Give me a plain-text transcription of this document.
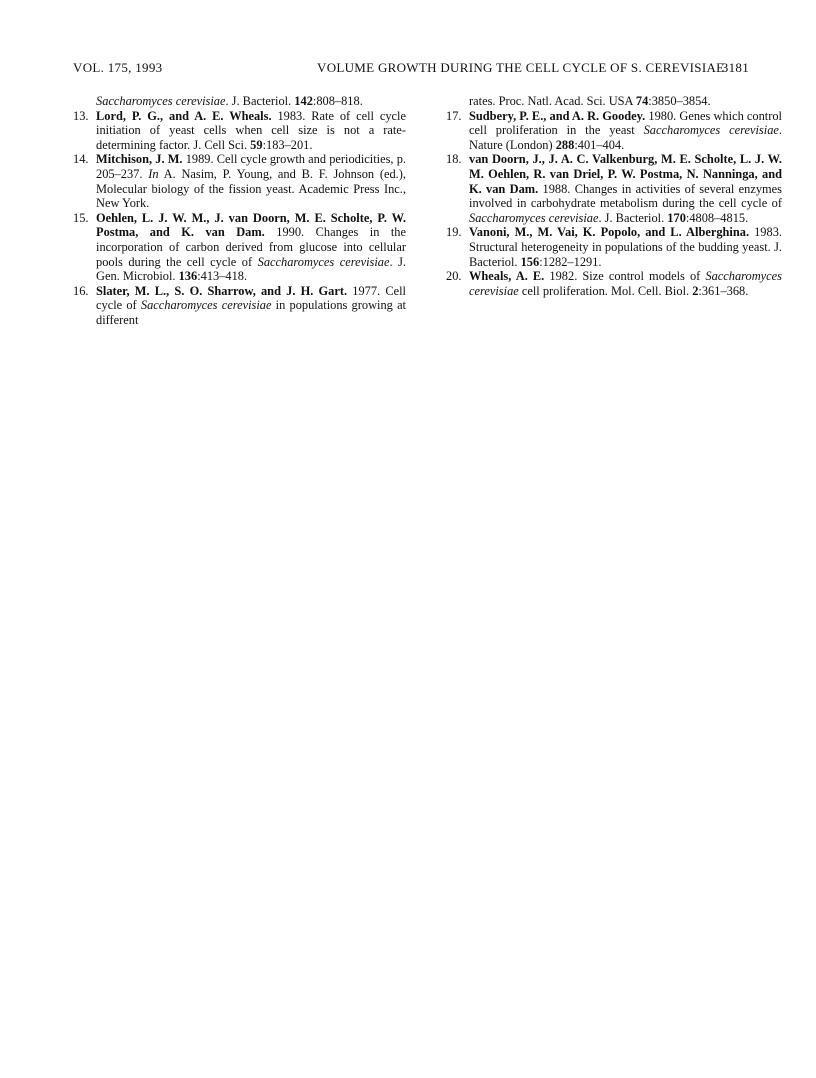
VOL. 175, 1993	VOLUME GROWTH DURING THE CELL CYCLE OF S. CEREVISIAE
3181

Saccharomyces cerevisiae. J. Bacteriol. 142:808–818.

13. Lord, P. G., and A. E. Wheals. 1983. Rate of cell cycle initiation of yeast cells when cell size is not a rate-determining factor. J. Cell Sci. 59:183–201.

14. Mitchison, J. M. 1989. Cell cycle growth and periodicities, p. 205–237. In A. Nasim, P. Young, and B. F. Johnson (ed.), Molecular biology of the fission yeast. Academic Press Inc., New York.

15. Oehlen, L. J. W. M., J. van Doorn, M. E. Scholte, P. W. Postma, and K. van Dam. 1990. Changes in the incorporation of carbon derived from glucose into cellular pools during the cell cycle of Saccharomyces cerevisiae. J. Gen. Microbiol. 136:413–418.

16. Slater, M. L., S. O. Sharrow, and J. H. Gart. 1977. Cell cycle of Saccharomyces cerevisiae in populations growing at different

rates. Proc. Natl. Acad. Sci. USA 74:3850–3854.

17. Sudbery, P. E., and A. R. Goodey. 1980. Genes which control cell proliferation in the yeast Saccharomyces cerevisiae. Nature (London) 288:401–404.

18. van Doorn, J., J. A. C. Valkenburg, M. E. Scholte, L. J. W. M. Oehlen, R. van Driel, P. W. Postma, N. Nanninga, and K. van Dam. 1988. Changes in activities of several enzymes involved in carbohydrate metabolism during the cell cycle of Saccharomyces cerevisiae. J. Bacteriol. 170:4808–4815.

19. Vanoni, M., M. Vai, K. Popolo, and L. Alberghina. 1983. Structural heterogeneity in populations of the budding yeast. J. Bacteriol. 156:1282–1291.

20. Wheals, A. E. 1982. Size control models of Saccharomyces cerevisiae cell proliferation. Mol. Cell. Biol. 2:361–368.
